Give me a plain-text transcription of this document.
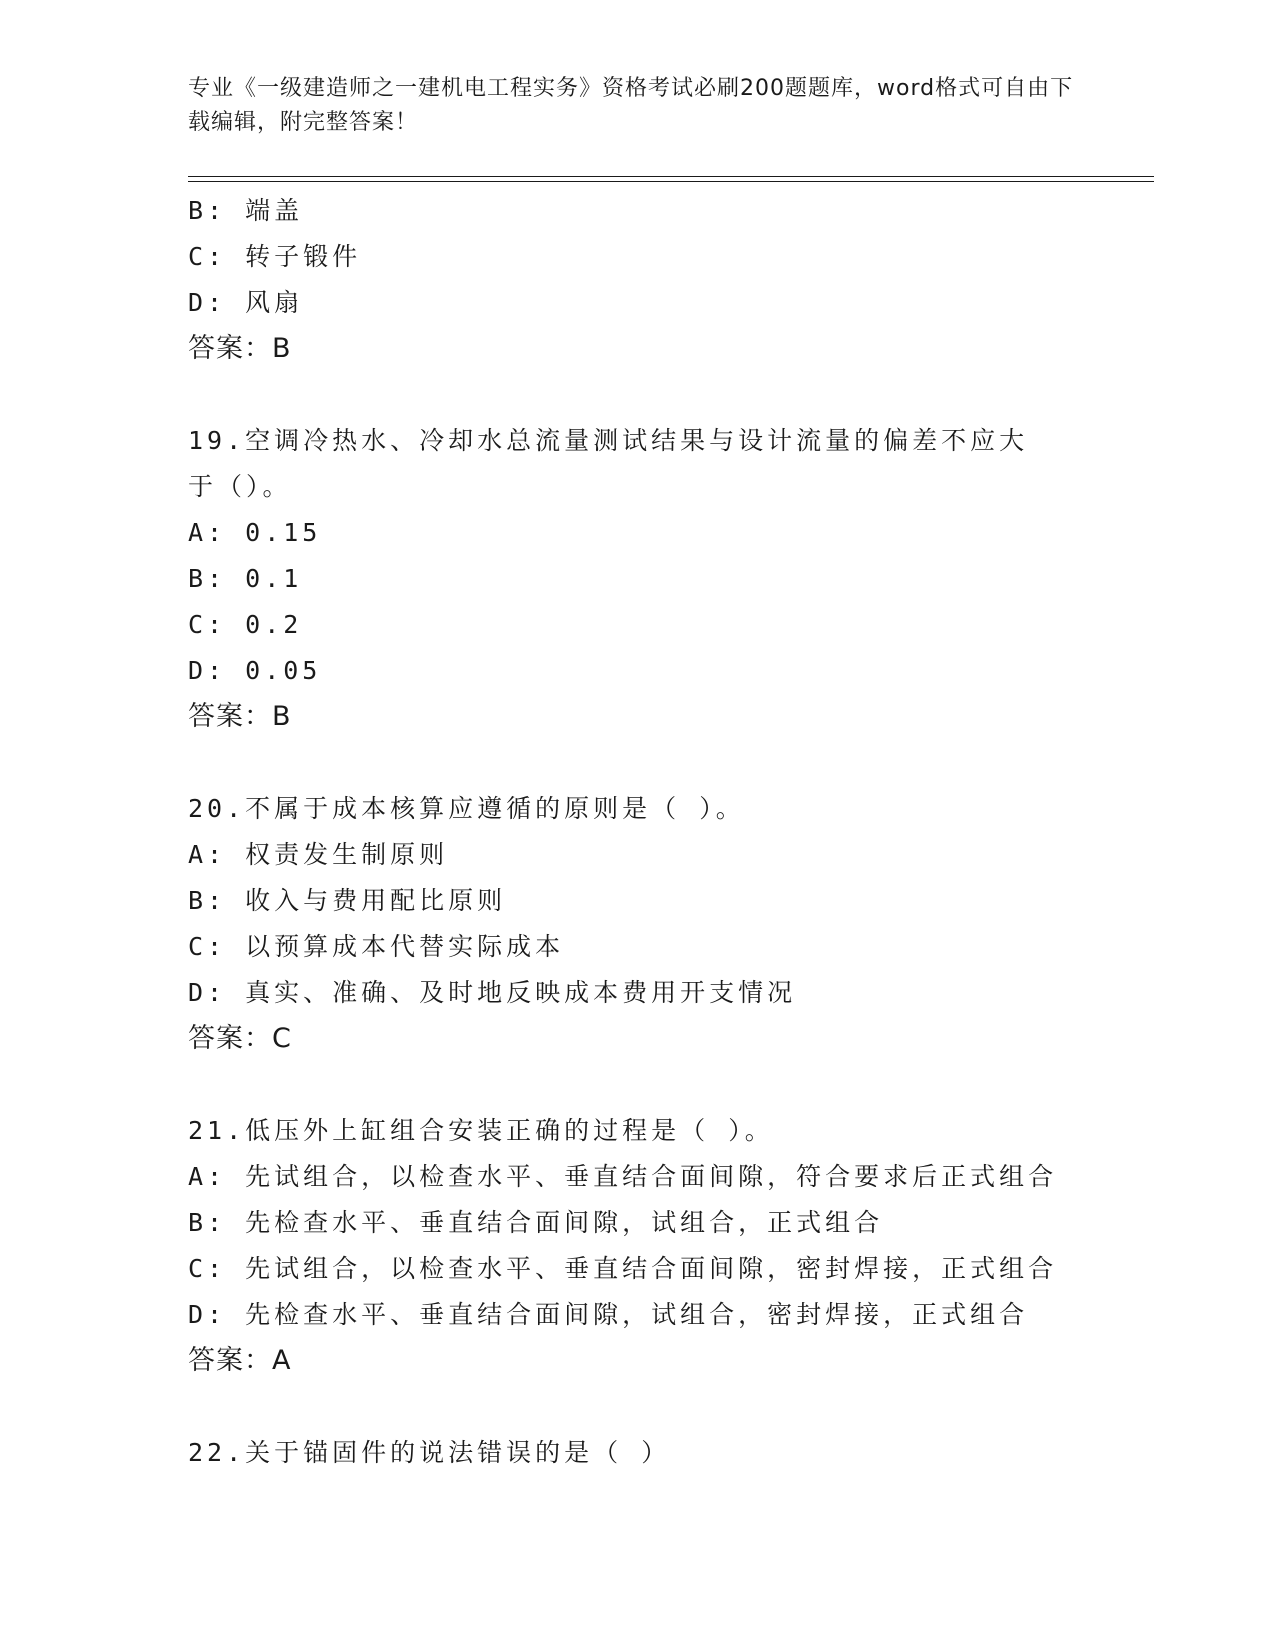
专业《一级建造师之一建机电工程实务》资格考试必刷200题题库，word格式可自由下载编辑，附完整答案！
B: 端盖
C: 转子锻件
D: 风扇
答案：B
19.空调冷热水、冷却水总流量测试结果与设计流量的偏差不应大于（）。
A: 0.15
B: 0.1
C: 0.2
D: 0.05
答案：B
20.不属于成本核算应遵循的原则是（ ）。
A: 权责发生制原则
B: 收入与费用配比原则
C: 以预算成本代替实际成本
D: 真实、准确、及时地反映成本费用开支情况
答案：C
21.低压外上缸组合安装正确的过程是（ ）。
A: 先试组合，以检查水平、垂直结合面间隙，符合要求后正式组合
B: 先检查水平、垂直结合面间隙，试组合，正式组合
C: 先试组合，以检查水平、垂直结合面间隙，密封焊接，正式组合
D: 先检查水平、垂直结合面间隙，试组合，密封焊接，正式组合
答案：A
22.关于锚固件的说法错误的是（ ）
